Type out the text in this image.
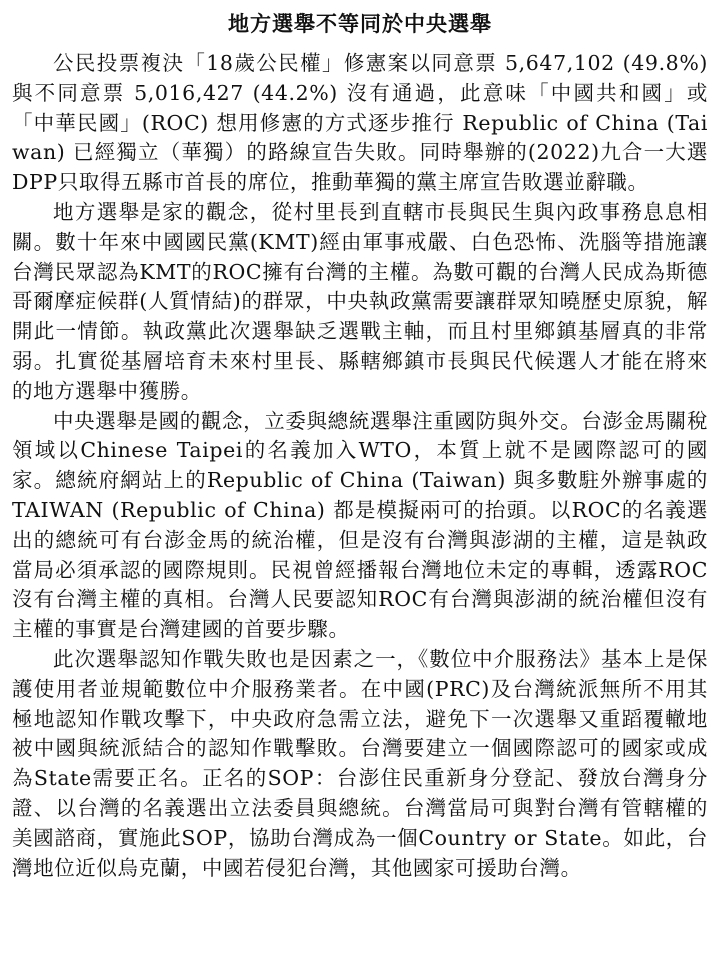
地方選舉不等同於中央選舉

公民投票複決「18歲公民權」修憲案以同意票 5,647,102 (49.8%) 與不同意票 5,016,427 (44.2%) 沒有通過，此意味「中國共和國」或「中華民國」(ROC) 想用修憲的方式逐步推行 Republic of China (Taiwan) 已經獨立（華獨）的路線宣告失敗。同時舉辦的(2022)九合一大選DPP只取得五縣市首長的席位，推動華獨的黨主席宣告敗選並辭職。

地方選舉是家的觀念，從村里長到直轄市長與民生與內政事務息息相關。數十年來中國國民黨(KMT)經由軍事戒嚴、白色恐怖、洗腦等措施讓台灣民眾認為KMT的ROC擁有台灣的主權。為數可觀的台灣人民成為斯德哥爾摩症候群(人質情結)的群眾，中央執政黨需要讓群眾知曉歷史原貌，解開此一情節。執政黨此次選舉缺乏選戰主軸，而且村里鄉鎮基層真的非常弱。扎實從基層培育未來村里長、縣轄鄉鎮市長與民代候選人才能在將來的地方選舉中獲勝。

中央選舉是國的觀念，立委與總統選舉注重國防與外交。台澎金馬關稅領域以Chinese Taipei的名義加入WTO，本質上就不是國際認可的國家。總統府網站上的Republic of China (Taiwan) 與多數駐外辦事處的TAIWAN (Republic of China) 都是模擬兩可的抬頭。以ROC的名義選出的總統可有台澎金馬的統治權，但是沒有台灣與澎湖的主權，這是執政當局必須承認的國際規則。民視曾經播報台灣地位未定的專輯，透露ROC沒有台灣主權的真相。台灣人民要認知ROC有台灣與澎湖的統治權但沒有主權的事實是台灣建國的首要步驟。

此次選舉認知作戰失敗也是因素之一，《數位中介服務法》基本上是保護使用者並規範數位中介服務業者。在中國(PRC)及台灣統派無所不用其極地認知作戰攻擊下，中央政府急需立法，避免下一次選舉又重蹈覆轍地被中國與統派結合的認知作戰擊敗。台灣要建立一個國際認可的國家或成為State需要正名。正名的SOP：台澎住民重新身分登記、發放台灣身分證、以台灣的名義選出立法委員與總統。台灣當局可與對台灣有管轄權的美國諮商，實施此SOP，協助台灣成為一個Country or State。如此，台灣地位近似烏克蘭，中國若侵犯台灣，其他國家可援助台灣。
